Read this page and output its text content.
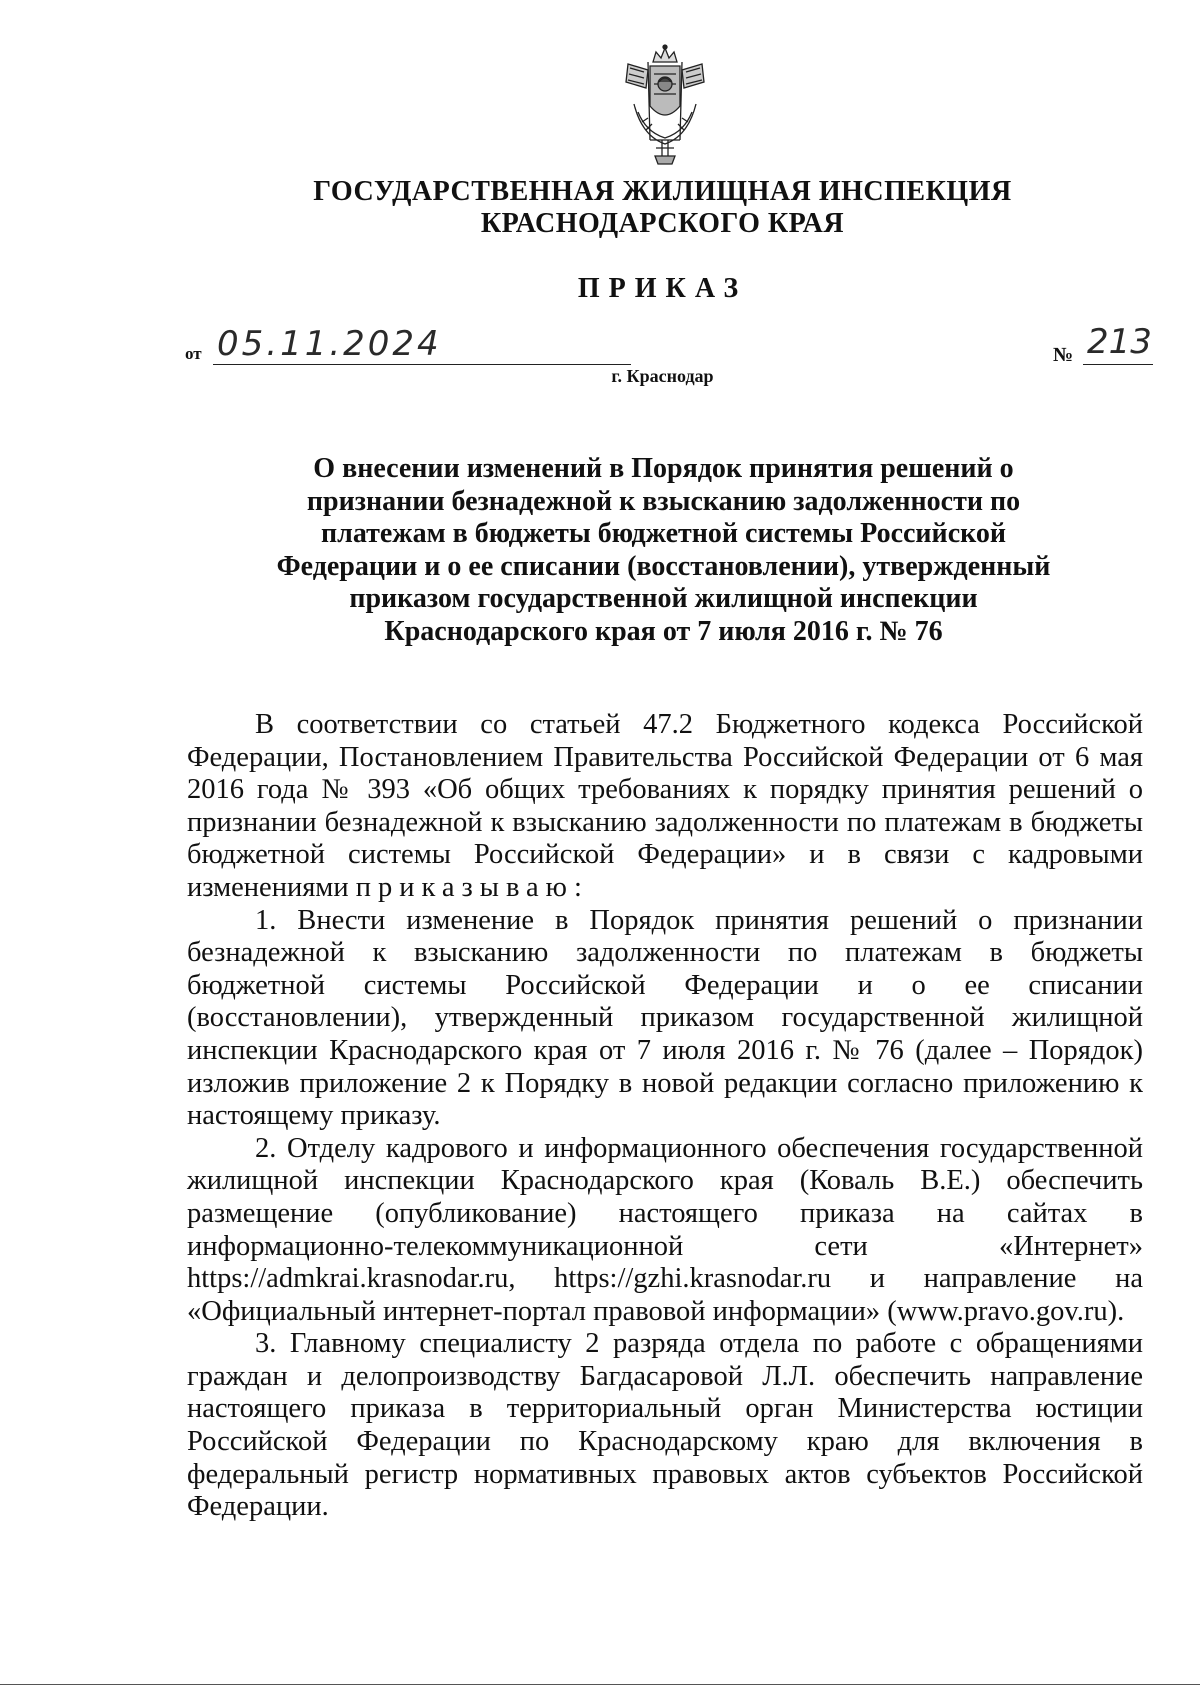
ГОСУДАРСТВЕННАЯ ЖИЛИЩНАЯ ИНСПЕКЦИЯ
КРАСНОДАРСКОГО КРАЯ
ПРИКАЗ
от 05.11.2024	№ 213
г. Краснодар
О внесении изменений в Порядок принятия решений о
признании безнадежной к взысканию задолженности по
платежам в бюджеты бюджетной системы Российской
Федерации и о ее списании (восстановлении), утвержденный
приказом государственной жилищной инспекции
Краснодарского края от 7 июля 2016 г. № 76

В соответствии со статьей 47.2 Бюджетного кодекса Российской Федерации, Постановлением Правительства Российской Федерации от 6 мая 2016 года № 393 «Об общих требованиях к порядку принятия решений о признании безнадежной к взысканию задолженности по платежам в бюджеты бюджетной системы Российской Федерации» и в связи с кадровыми изменениями приказываю:

1. Внести изменение в Порядок принятия решений о признании безнадежной к взысканию задолженности по платежам в бюджеты бюджетной системы Российской Федерации и о ее списании (восстановлении), утвержденный приказом государственной жилищной инспекции Краснодарского края от 7 июля 2016 г. № 76 (далее – Порядок) изложив приложение 2 к Порядку в новой редакции согласно приложению к настоящему приказу.

2. Отделу кадрового и информационного обеспечения государственной жилищной инспекции Краснодарского края (Коваль В.Е.) обеспечить размещение (опубликование) настоящего приказа на сайтах в информационно-телекоммуникационной сети «Интернет» https://admkrai.krasnodar.ru, https://gzhi.krasnodar.ru и направление на «Официальный интернет-портал правовой информации» (www.pravo.gov.ru).

3. Главному специалисту 2 разряда отдела по работе с обращениями граждан и делопроизводству Багдасаровой Л.Л. обеспечить направление настоящего приказа в территориальный орган Министерства юстиции Российской Федерации по Краснодарскому краю для включения в федеральный регистр нормативных правовых актов субъектов Российской Федерации.
